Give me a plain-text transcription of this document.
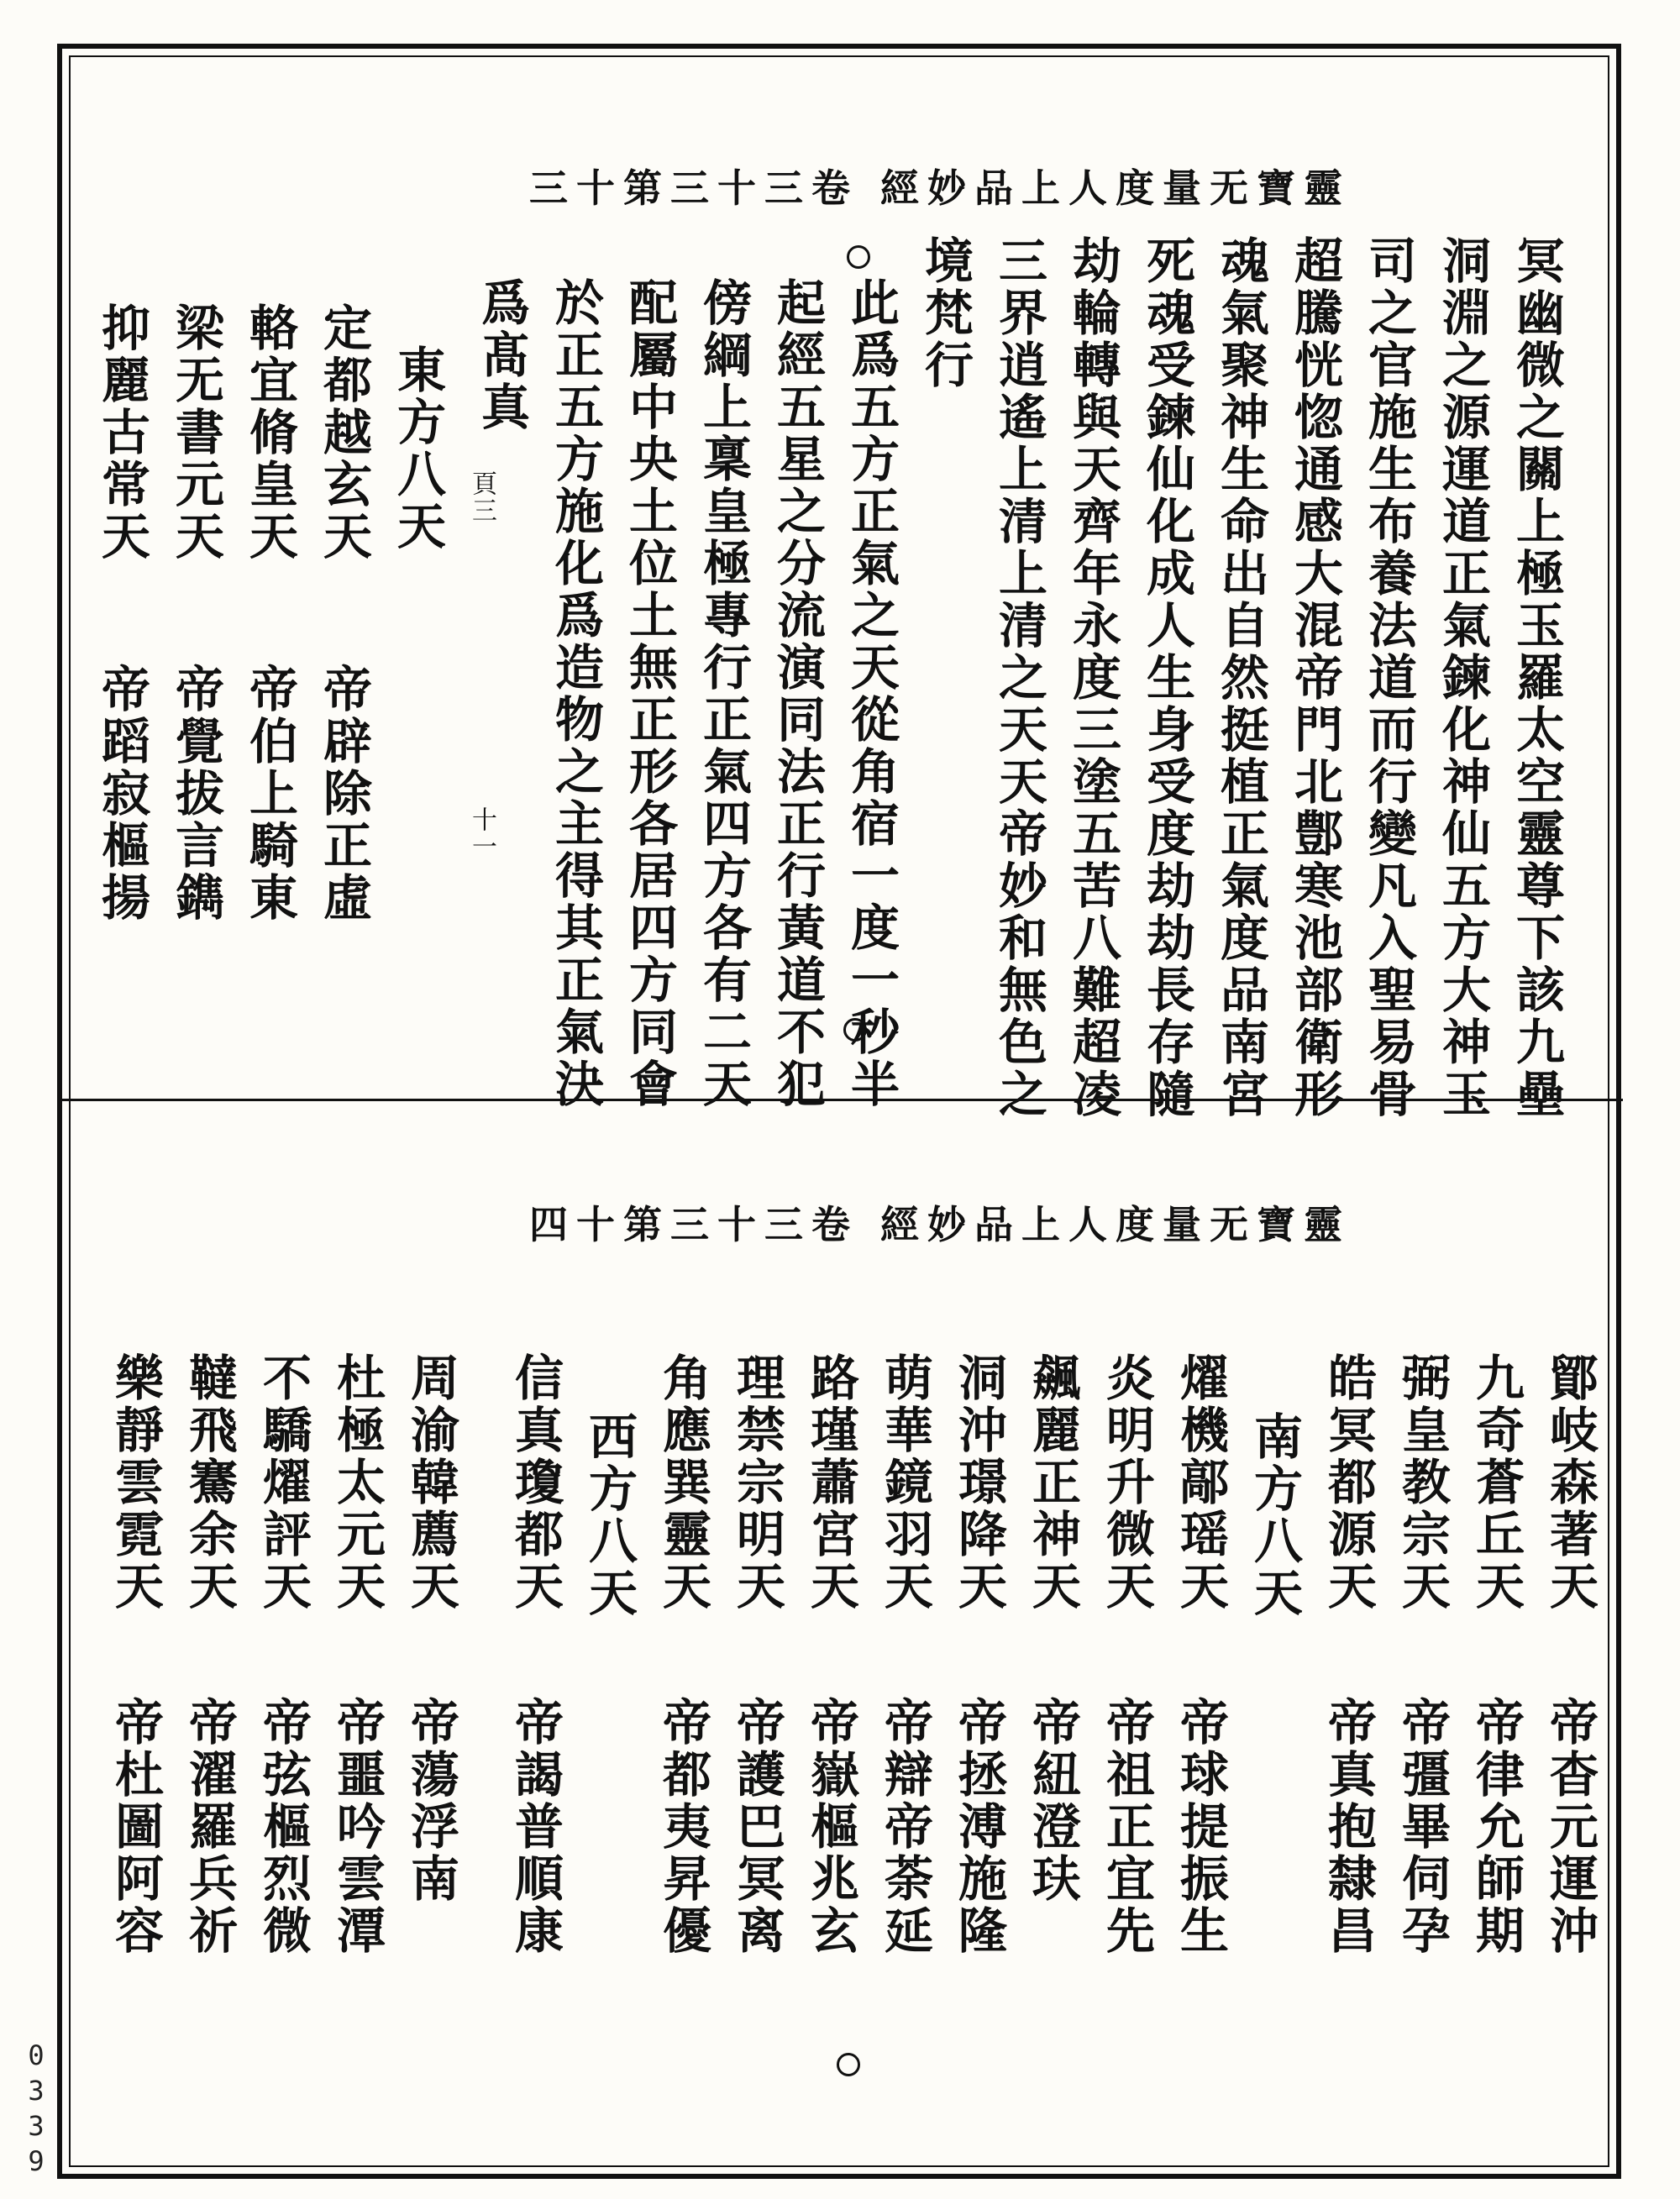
三十第三十三卷 經妙品上人度量无寶靈
冥幽微之關上極玉羅太空靈尊下該九壘
洞淵之源運道正氣鍊化神仙五方大神玉
司之官施生布養法道而行變凡入聖易骨
超騰恍惚通感大混帝門北鄷寒池部衛形
魂氣聚神生命出自然挺植正氣度品南宮
死魂受鍊仙化成人生身受度劫劫長存隨
劫輪轉與天齊年永度三塗五苦八難超凌
三界逍遙上清上清之天天帝妙和無色之
境梵行
此爲五方正氣之天從角宿一度一秒半
起經五星之分流演同法正行黃道不犯
傍綱上稟皇極專行正氣四方各有二天
配屬中央土位土無正形各居四方同會
於正五方施化爲造物之主得其正氣決
爲髙真
東方八天
定都越玄天
輅宜脩皇天
梁无書元天
抑麗古常天
帝辟除正虛
帝伯上騎東
帝覺拔言鐫
帝蹈寂樞揚
頁三
十一
四十第三十三卷 經妙品上人度量无寶靈
鄮岐森著天
九奇蒼丘天
弼皇教宗天
皓冥都源天
南方八天
燿機鄗瑶天
炎明升微天
飆麗正神天
洞沖璟降天
萌華鏡羽天
路瑾蕭宮天
理禁宗明天
角應巽靈天
西方八天
信真瓊都天
周渝韓薦天
杜極太元天
不驕燿評天
韃飛騫余天
樂靜雲霓天
帝杳元運沖
帝律允師期
帝彊畢伺孕
帝真抱隸昌
帝球提振生
帝祖正宜先
帝紐澄玞
帝拯溥施隆
帝辯帝荼延
帝嶽樞兆玄
帝護巴冥离
帝都夷昇優
帝謁普順康
帝蕩浮南
帝噩吟雲潭
帝弦樞烈微
帝濯羅兵祈
帝杜圖阿容
0339
